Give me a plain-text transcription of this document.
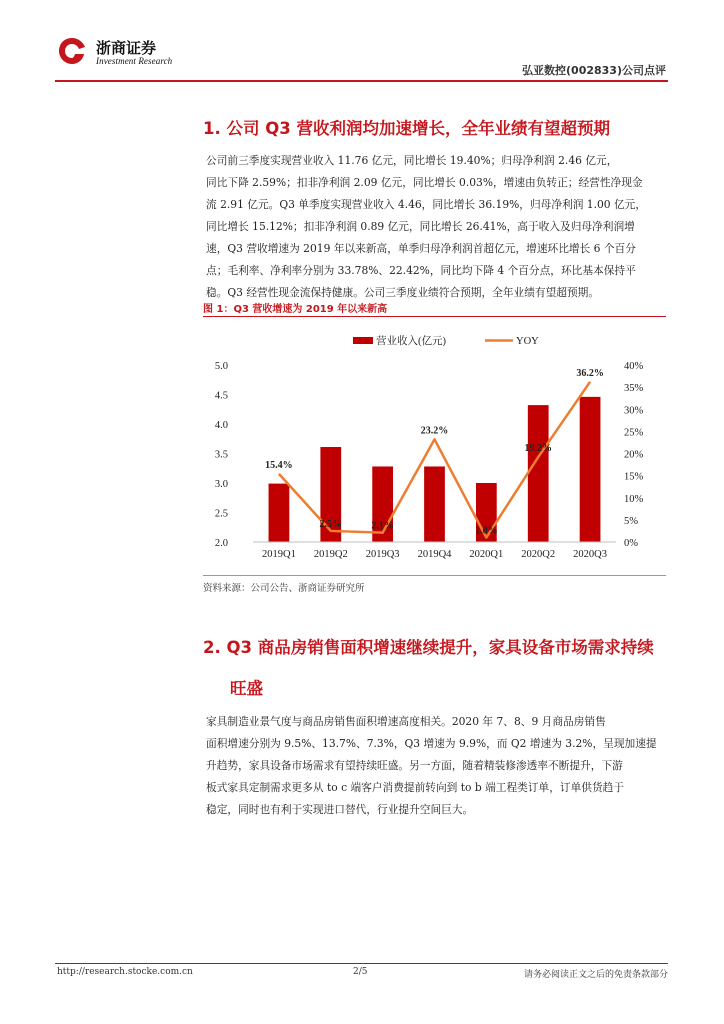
浙商证券
Investment Research
弘亚数控(002833)公司点评
1. 公司 Q3 营收利润均加速增长，全年业绩有望超预期
公司前三季度实现营业收入 11.76 亿元，同比增长 19.40%；归母净利润 2.46 亿元，
同比下降 2.59%；扣非净利润 2.09 亿元，同比增长 0.03%，增速由负转正；经营性净现金
流 2.91 亿元。Q3 单季度实现营业收入 4.46，同比增长 36.19%，归母净利润 1.00 亿元，
同比增长 15.12%；扣非净利润 0.89 亿元，同比增长 26.41%，高于收入及归母净利润增
速，Q3 营收增速为 2019 年以来新高，单季归母净利润首超亿元，增速环比增长 6 个百分
点；毛利率、净利率分别为 33.78%、22.42%，同比均下降 4 个百分点，环比基本保持平
稳。Q3 经营性现金流保持健康。公司三季度业绩符合预期，全年业绩有望超预期。
图 1：Q3 营收增速为 2019 年以来新高
营业收入(亿元)	YOY
15.4%
2.5%	2.1%
23.2%
1.0%
19.2%
36.2%
2.0
2.5
3.0
3.5
4.0
4.5
5.0
0%
5%
10%
15%
20%
25%
30%
35%
40%
2019Q1 2019Q2 2019Q3 2019Q4 2020Q1 2020Q2 2020Q3
资料来源：公司公告、浙商证券研究所
2. Q3 商品房销售面积增速继续提升，家具设备市场需求持续
旺盛
家具制造业景气度与商品房销售面积增速高度相关。2020 年 7、8、9 月商品房销售
面积增速分别为 9.5%、13.7%、7.3%，Q3 增速为 9.9%，而 Q2 增速为 3.2%，呈现加速提
升趋势，家具设备市场需求有望持续旺盛。另一方面，随着精装修渗透率不断提升，下游
板式家具定制需求更多从 to c 端客户消费提前转向到 to b 端工程类订单，订单供货趋于
稳定，同时也有利于实现进口替代，行业提升空间巨大。
http://research.stocke.com.cn	2/5	请务必阅读正文之后的免责条款部分
